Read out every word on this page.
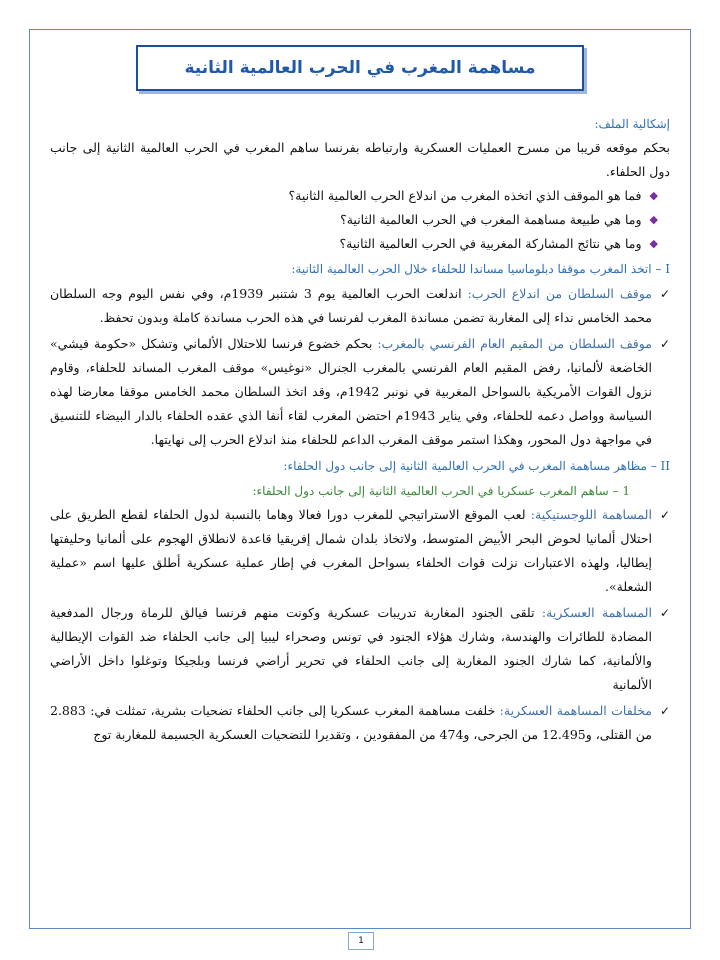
مساهمة المغرب في الحرب العالمية الثانية

إشكالية الملف:

بحكم موقعه قريبا من مسرح العمليات العسكرية وارتباطه بفرنسا ساهم المغرب في الحرب العالمية الثانية إلى جانب دول الحلفاء.

◆
فما هو الموقف الذي اتخذه المغرب من اندلاع الحرب العالمية الثانية؟
◆
وما هي طبيعة مساهمة المغرب في الحرب العالمية الثانية؟
◆
وما هي نتائج المشاركة المغربية في الحرب العالمية الثانية؟

I – اتخذ المغرب موقفا دبلوماسيا مساندا للحلفاء خلال الحرب العالمية الثانية:

✓
موقف السلطان من اندلاع الحرب: اندلعت الحرب العالمية يوم 3 شتنبر 1939م، وفي نفس اليوم وجه السلطان محمد الخامس نداء إلى المغاربة تضمن مساندة المغرب لفرنسا في هذه الحرب مساندة كاملة وبدون تحفظ.
✓
موقف السلطان من المقيم العام الفرنسي بالمغرب: بحكم خضوع فرنسا للاحتلال الألماني وتشكل «حكومة فيشي» الخاضعة لألمانيا، رفض المقيم العام الفرنسي بالمغرب الجنرال «نوغيس» موقف المغرب المساند للحلفاء، وقاوم نزول القوات الأمريكية بالسواحل المغربية في نونبر 1942م، وقد اتخذ السلطان محمد الخامس موقفا معارضا لهذه السياسة وواصل دعمه للحلفاء، وفي يناير 1943م احتضن المغرب لقاء أنفا الذي عقده الحلفاء بالدار البيضاء للتنسيق في مواجهة دول المحور، وهكذا استمر موقف المغرب الداعم للحلفاء منذ اندلاع الحرب إلى نهايتها.

II – مظاهر مساهمة المغرب في الحرب العالمية الثانية إلى جانب دول الحلفاء:

1 – ساهم المغرب عسكريا في الحرب العالمية الثانية إلى جانب دول الحلفاء:

✓
المساهمة اللوجستيكية: لعب الموقع الاستراتيجي للمغرب دورا فعالا وهاما بالنسبة لدول الحلفاء لقطع الطريق على احتلال ألمانيا لحوض البحر الأبيض المتوسط، ولاتخاذ بلدان شمال إفريقيا قاعدة لانطلاق الهجوم على ألمانيا وحليفتها إيطاليا، ولهذه الاعتبارات نزلت قوات الحلفاء بسواحل المغرب في إطار عملية عسكرية أطلق عليها اسم «عملية الشعلة».
✓
المساهمة العسكرية: تلقى الجنود المغاربة تدريبات عسكرية وكونت منهم فرنسا فيالق للرماة ورجال المدفعية المضادة للطائرات والهندسة، وشارك هؤلاء الجنود في تونس وصحراء ليبيا إلى جانب الحلفاء ضد القوات الإيطالية والألمانية، كما شارك الجنود المغاربة إلى جانب الحلفاء في تحرير أراضي فرنسا وبلجيكا وتوغلوا داخل الأراضي الألمانية
✓
مخلفات المساهمة العسكرية: خلفت مساهمة المغرب عسكريا إلى جانب الحلفاء تضحيات بشرية، تمثلت في: 2.883 من القتلى، و12.495 من الجرحى، و474 من المفقودين ، وتقديرا للتضحيات العسكرية الجسيمة للمغاربة توج
1
